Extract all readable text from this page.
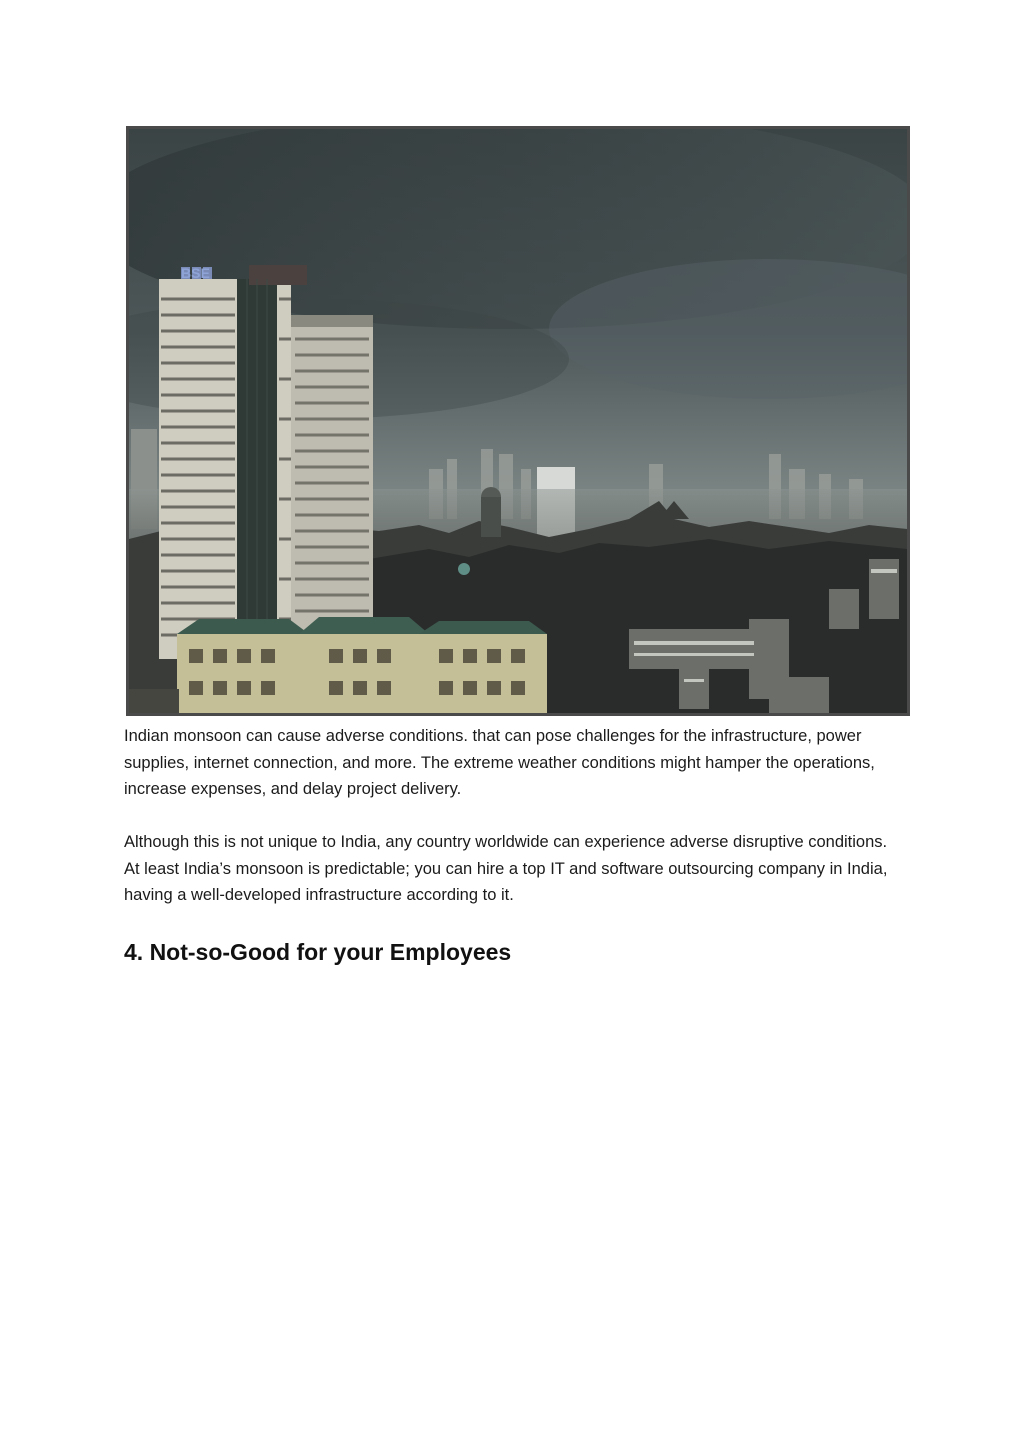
BSE

Indian monsoon can cause adverse conditions. that can pose challenges for the infrastructure, power supplies, internet connection, and more. The extreme weather conditions might hamper the operations, increase expenses, and delay project delivery.

Although this is not unique to India, any country worldwide can experience adverse disruptive conditions. At least India’s monsoon is predictable; you can hire a top IT and software outsourcing company in India, having a well-developed infrastructure according to it.

4. Not-so-Good for your Employees
